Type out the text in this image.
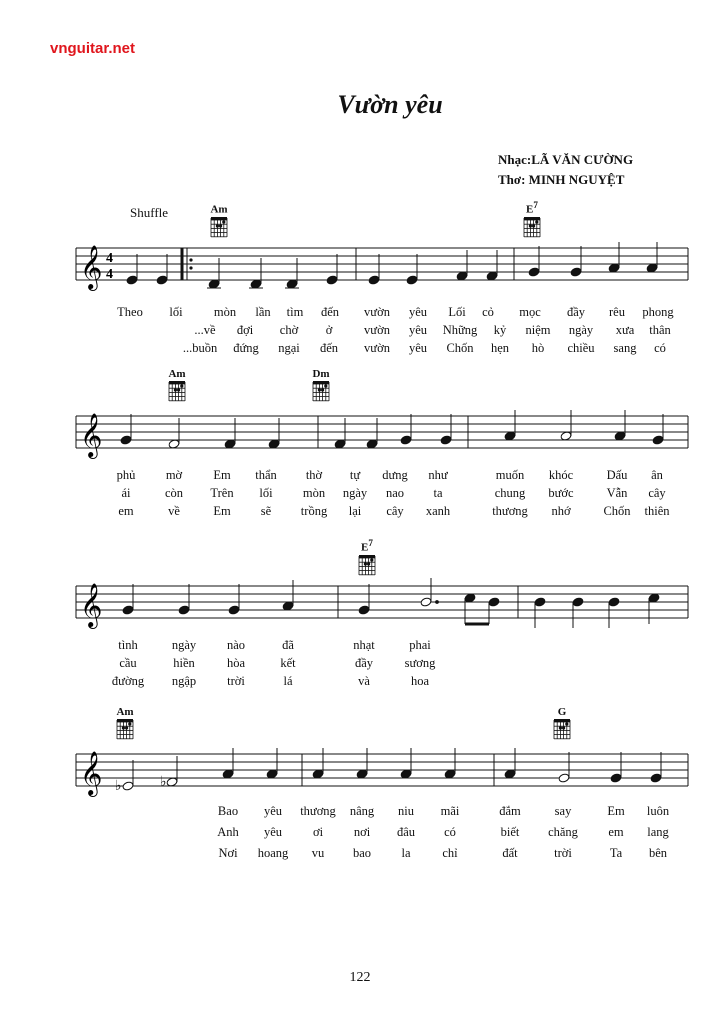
vnguitar.net
Vườn yêu
Nhạc:LÃ VĂN CƯỜNG
Thơ: MINH NGUYỆT
Shuffle	Am	$E^7$
𝄞 4
4
Theo lối	mòn lần tìm đến vườn yêu Lối cỏ mọc đầy rêu phong
...về đợi chờ ở	vườn yêu Những kỷ niệm ngày xưa thân
...buồn đứng ngại đến vườn yêu Chốn hẹn hò chiều sang có
Am	Dm
𝄞
phủ mờ Em thẩn thờ tự dưng như	muốn khóc	Dấu ân
ái	còn Trên lối mòn ngày nao ta	chung bước	Vẫn cây
em	về	Em sẽ trồng lại cây xanh	thương nhớ	Chốn thiên
$E^7$
𝄞
tình	ngày nào	đã	nhạt	phai
cầu	hiền	hòa	kết	đầy	sương
đường ngập trời	lá	và	hoa
Am	G
𝄞 ♭	♭
Bao yêu thương nâng niu mãi	đắm	say	Em luôn
Anh yêu ơi nơi đâu có	biết chăng em lang
Nơi hoang vu bao la	chỉ	đất	trời	Ta bên
122
